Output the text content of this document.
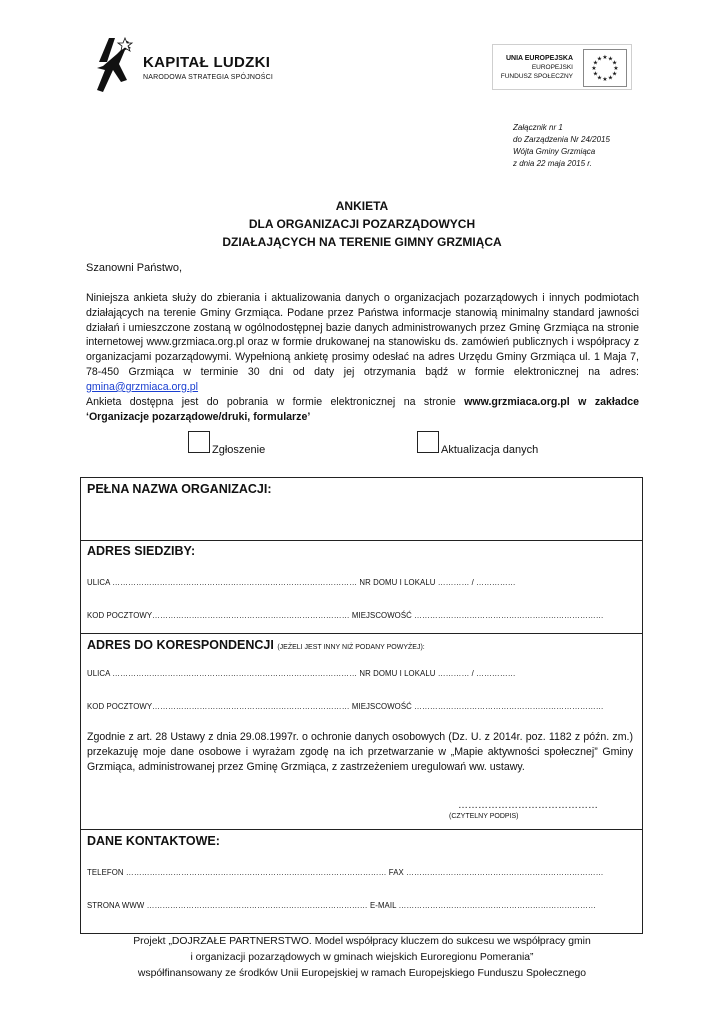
KAPITAŁ LUDZKI
NARODOWA STRATEGIA SPÓJNOŚCI
UNIA EUROPEJSKA
EUROPEJSKI
FUNDUSZ SPOŁECZNY
★ ★
★
★
★
★
★
★
★
★
★
★
Załącznik nr 1
do Zarządzenia Nr 24/2015
Wójta Gminy Grzmiąca
z dnia 22 maja 2015 r.
ANKIETA
DLA ORGANIZACJI POZARZĄDOWYCH
DZIAŁAJĄCYCH NA TERENIE GIMNY GRZMIĄCA
Szanowni Państwo,
Niniejsza ankieta służy do zbierania i aktualizowania danych o organizacjach pozarządowych i innych podmiotach działających na terenie Gminy Grzmiąca. Podane przez Państwa informacje stanowią minimalny standard jawności działań i umieszczone zostaną w ogólnodostępnej bazie danych administrowanych przez Gminę Grzmiąca na stronie internetowej www.grzmiaca.org.pl oraz w formie drukowanej na stanowisku ds. zamówień publicznych i współpracy z organizacjami pozarządowymi. Wypełnioną ankietę prosimy odesłać na adres Urzędu Gminy Grzmiąca ul. 1 Maja 7, 78-450 Grzmiąca w terminie 30 dni od daty jej otrzymania bądź w formie elektronicznej na adres: gmina@grzmiaca.org.pl
Ankieta dostępna jest do pobrania w formie elektronicznej na stronie www.grzmiaca.org.pl w zakładce ‘Organizacje pozarządowe/druki, formularze’
Zgłoszenie	Aktualizacja danych
PEŁNA NAZWA ORGANIZACJI:
ADRES SIEDZIBY:
ULICA ………………………………………………………………………………… NR DOMU I LOKALU ………… / ……………
KOD POCZTOWY………………………………………………………………… MIEJSCOWOŚĆ ………………………………………………………………
ADRES DO KORESPONDENCJI (JEŻELI JEST INNY NIŻ PODANY POWYŻEJ):
ULICA ………………………………………………………………………………… NR DOMU I LOKALU ………… / ……………
KOD POCZTOWY………………………………………………………………… MIEJSCOWOŚĆ ………………………………………………………………
Zgodnie z art. 28 Ustawy z dnia 29.08.1997r. o ochronie danych osobowych (Dz. U. z 2014r. poz. 1182 z późn. zm.) przekazuję moje dane osobowe i wyrażam zgodę na ich przetwarzanie w „Mapie aktywności społecznej” Gminy Grzmiąca, administrowanej przez Gminę Grzmiąca, z zastrzeżeniem uregulowań ww. ustawy.
……………………………………
(CZYTELNY PODPIS)
DANE KONTAKTOWE:
TELEFON ……………………………………………………………………………………… FAX …………………………………………………………………
STRONA WWW ………………………………………………………………………… E-MAIL …………………………………………………………………
Projekt „DOJRZAŁE PARTNERSTWO. Model współpracy kluczem do sukcesu we współpracy gmin
i organizacji pozarządowych w gminach wiejskich Euroregionu Pomerania”
współfinansowany ze środków Unii Europejskiej w ramach Europejskiego Funduszu Społecznego
